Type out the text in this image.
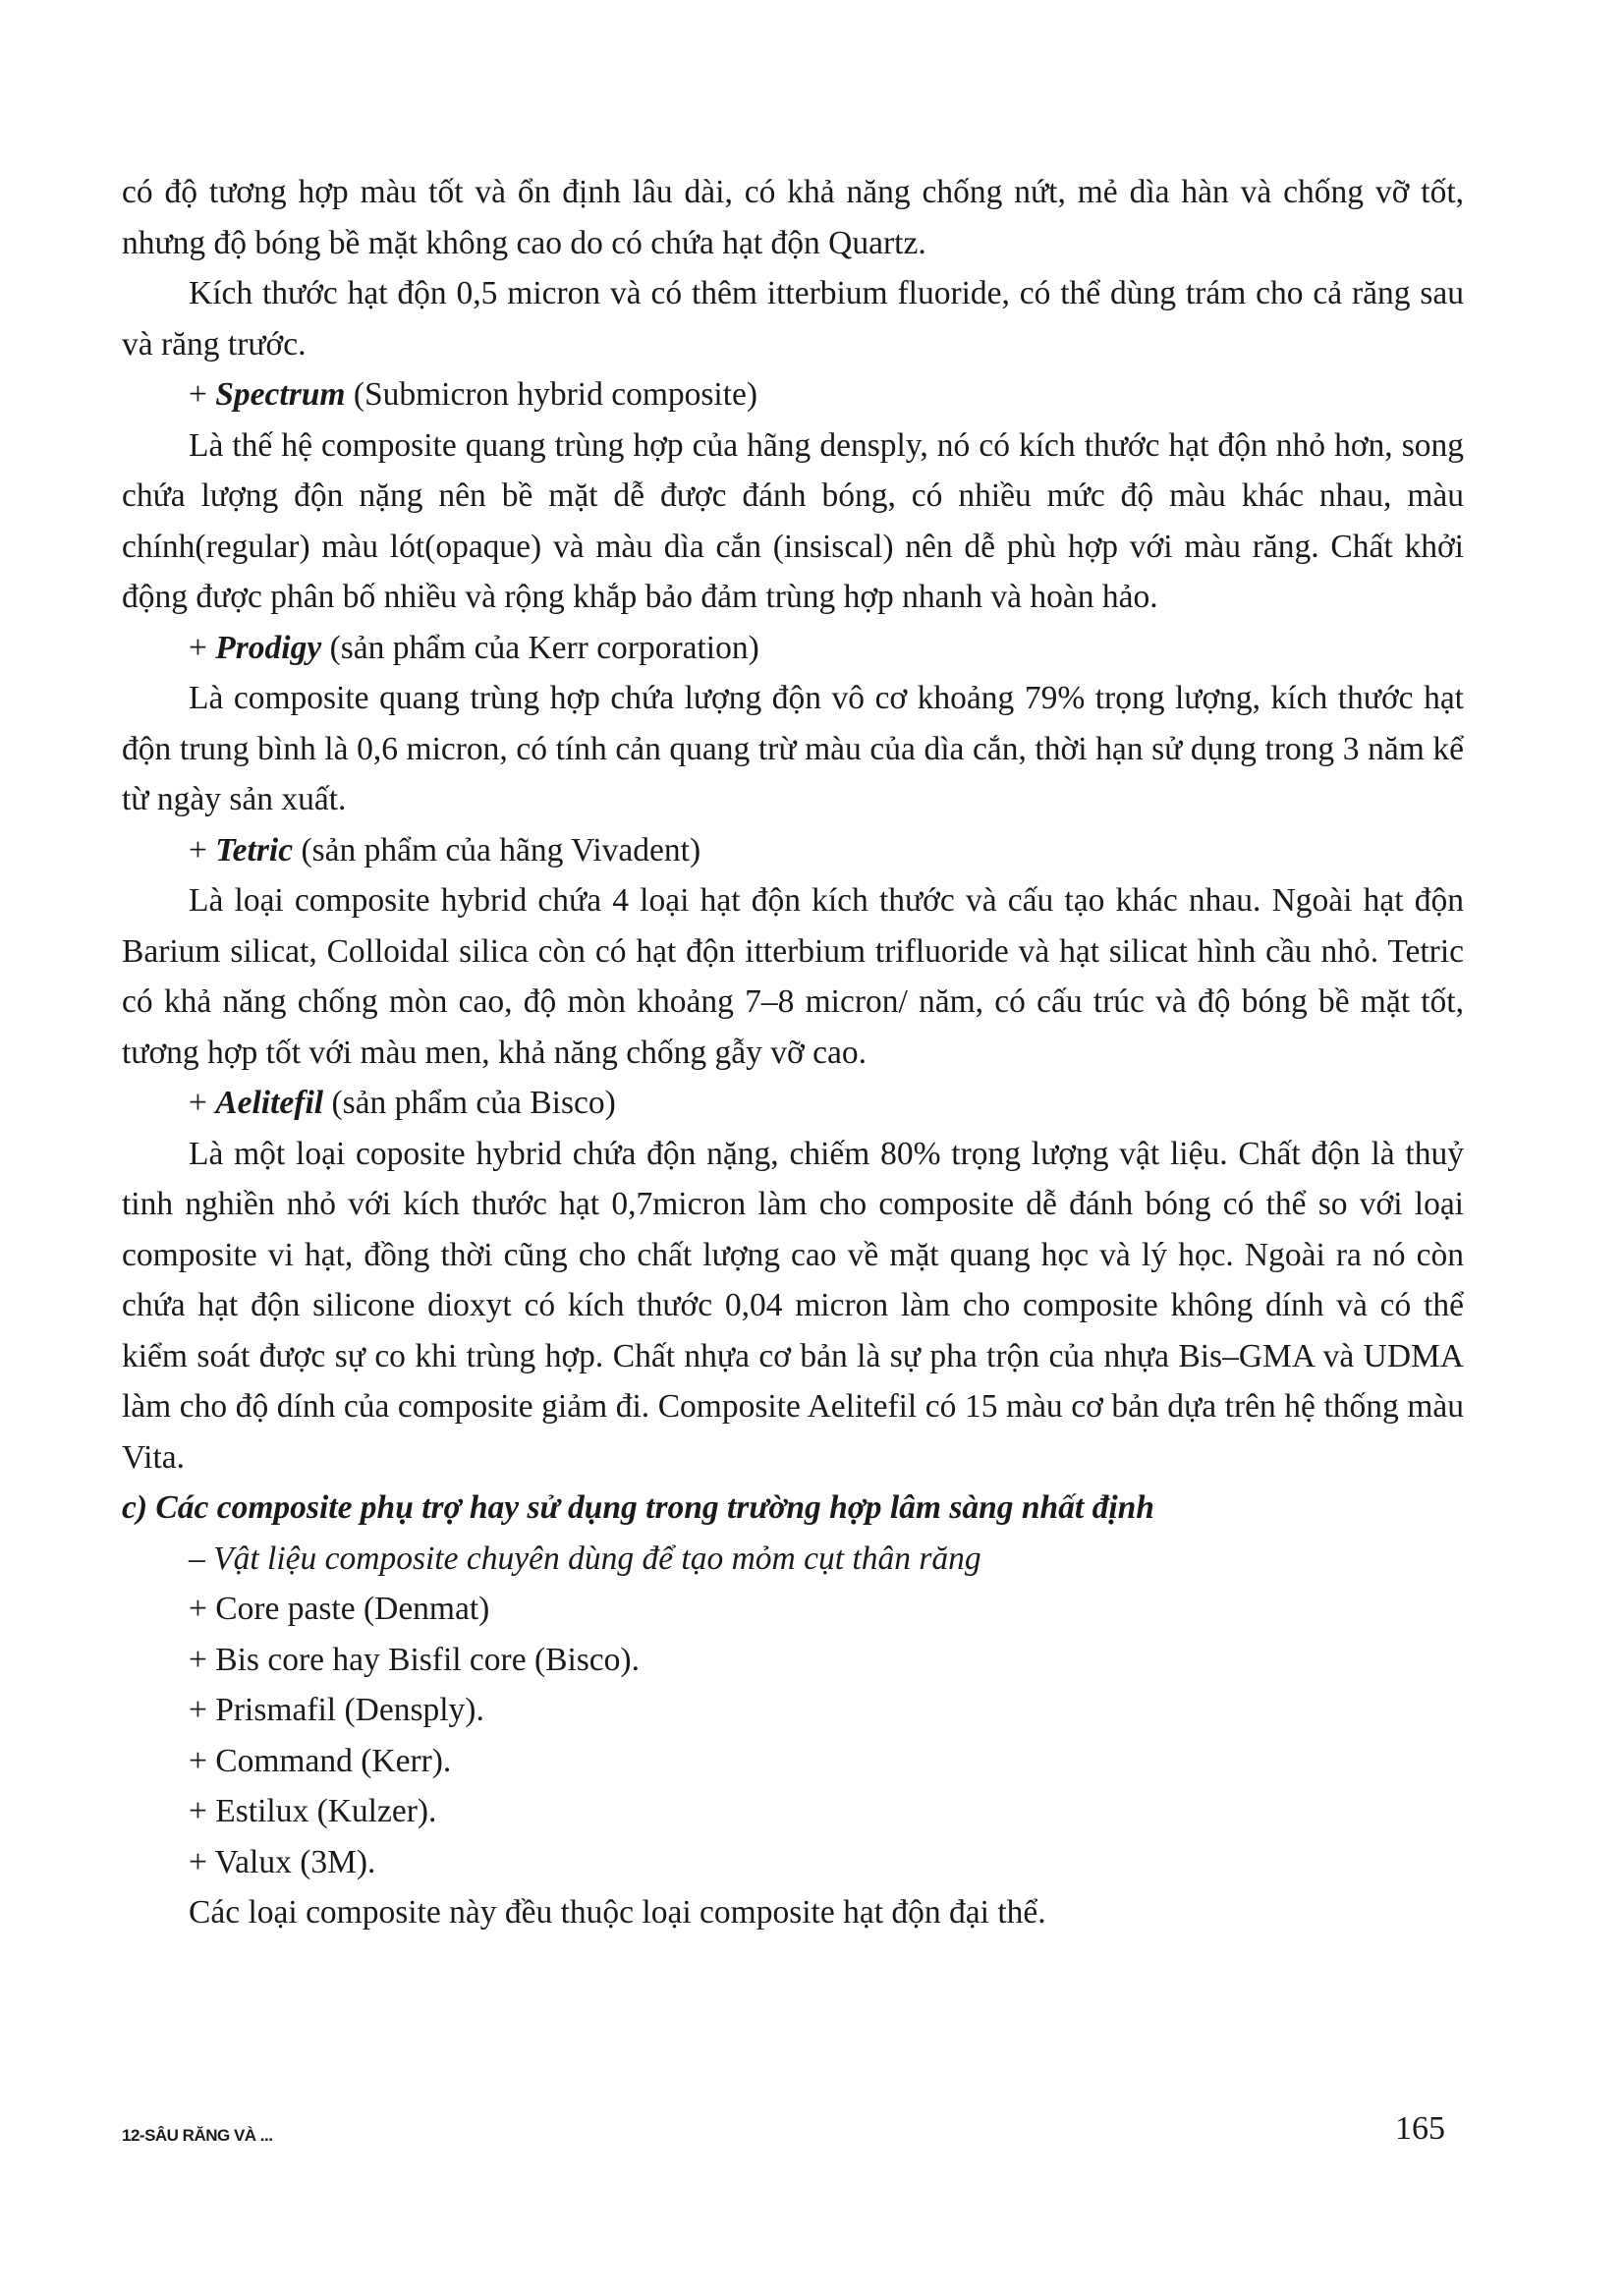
có độ tương hợp màu tốt và ổn định lâu dài, có khả năng chống nứt, mẻ dìa hàn và chống vỡ tốt, nhưng độ bóng bề mặt không cao do có chứa hạt độn Quartz.

Kích thước hạt độn 0,5 micron và có thêm itterbium fluoride, có thể dùng trám cho cả răng sau và răng trước.

+ Spectrum (Submicron hybrid composite)

Là thế hệ composite quang trùng hợp của hãng densply, nó có kích thước hạt độn nhỏ hơn, song chứa lượng độn nặng nên bề mặt dễ được đánh bóng, có nhiều mức độ màu khác nhau, màu chính(regular) màu lót(opaque) và màu dìa cắn (insiscal) nên dễ phù hợp với màu răng. Chất khởi động được phân bố nhiều và rộng khắp bảo đảm trùng hợp nhanh và hoàn hảo.

+ Prodigy (sản phẩm của Kerr corporation)

Là composite quang trùng hợp chứa lượng độn vô cơ khoảng 79% trọng lượng, kích thước hạt độn trung bình là 0,6 micron, có tính cản quang trừ màu của dìa cắn, thời hạn sử dụng trong 3 năm kể từ ngày sản xuất.

+ Tetric (sản phẩm của hãng Vivadent)

Là loại composite hybrid chứa 4 loại hạt độn kích thước và cấu tạo khác nhau. Ngoài hạt độn Barium silicat, Colloidal silica còn có hạt độn itterbium trifluoride và hạt silicat hình cầu nhỏ. Tetric có khả năng chống mòn cao, độ mòn khoảng 7–8 micron/ năm, có cấu trúc và độ bóng bề mặt tốt, tương hợp tốt với màu men, khả năng chống gẫy vỡ cao.

+ Aelitefil (sản phẩm của Bisco)

Là một loại coposite hybrid chứa độn nặng, chiếm 80% trọng lượng vật liệu. Chất độn là thuỷ tinh nghiền nhỏ với kích thước hạt 0,7micron làm cho composite dễ đánh bóng có thể so với loại composite vi hạt, đồng thời cũng cho chất lượng cao về mặt quang học và lý học. Ngoài ra nó còn chứa hạt độn silicone dioxyt có kích thước 0,04 micron làm cho composite không dính và có thể kiểm soát được sự co khi trùng hợp. Chất nhựa cơ bản là sự pha trộn của nhựa Bis–GMA và UDMA làm cho độ dính của composite giảm đi. Composite Aelitefil có 15 màu cơ bản dựa trên hệ thống màu Vita.

c) Các composite phụ trợ hay sử dụng trong trường hợp lâm sàng nhất định

– Vật liệu composite chuyên dùng để tạo mỏm cụt thân răng

+ Core paste (Denmat)

+ Bis core hay Bisfil core (Bisco).

+ Prismafil (Densply).

+ Command (Kerr).

+ Estilux (Kulzer).

+ Valux (3M).

Các loại composite này đều thuộc loại composite hạt độn đại thể.

12-SÂU RĂNG VÀ ...	165
